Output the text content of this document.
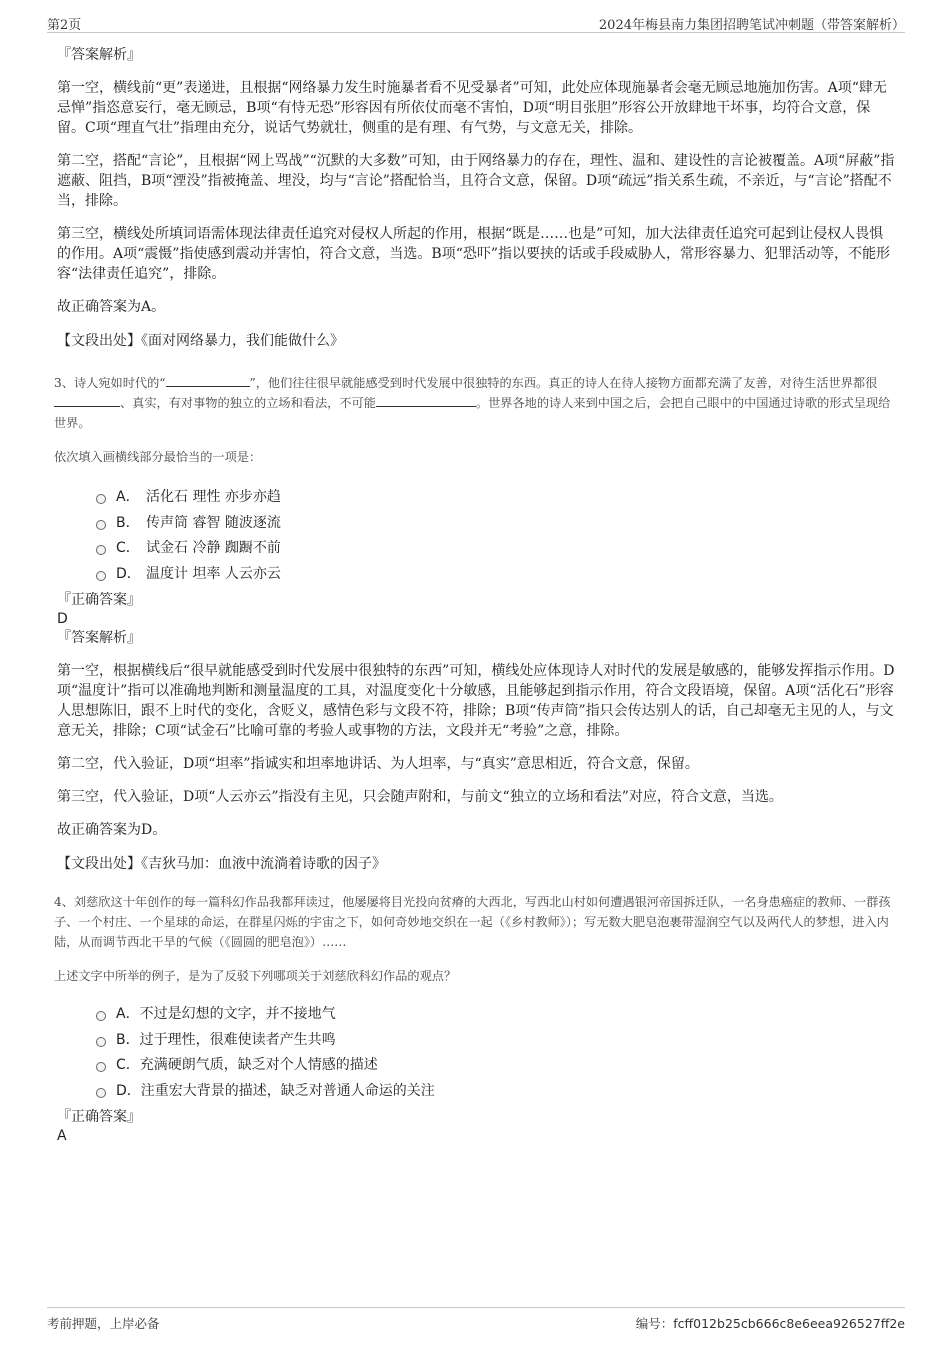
第2页	2024年梅县南力集团招聘笔试冲刺题（带答案解析）

『答案解析』

第一空，横线前“更”表递进，且根据“网络暴力发生时施暴者看不见受暴者”可知，此处应体现施暴者会毫无顾忌地施加伤害。A项“肆无忌惮”指恣意妄行，毫无顾忌，B项“有恃无恐”形容因有所依仗而毫不害怕，D项“明目张胆”形容公开放肆地干坏事，均符合文意，保留。C项“理直气壮”指理由充分，说话气势就壮，侧重的是有理、有气势，与文意无关，排除。

第二空，搭配“言论”，且根据“网上骂战”“沉默的大多数”可知，由于网络暴力的存在，理性、温和、建设性的言论被覆盖。A项“屏蔽”指遮蔽、阻挡，B项“湮没”指被掩盖、埋没，均与“言论”搭配恰当，且符合文意，保留。D项“疏远”指关系生疏，不亲近，与“言论”搭配不当，排除。

第三空，横线处所填词语需体现法律责任追究对侵权人所起的作用，根据“既是……也是”可知，加大法律责任追究可起到让侵权人畏惧的作用。A项“震慑”指使感到震动并害怕，符合文意，当选。B项“恐吓”指以要挟的话或手段威胁人，常形容暴力、犯罪活动等，不能形容“法律责任追究”，排除。

故正确答案为A。

【文段出处】《面对网络暴力，我们能做什么》

3、诗人宛如时代的“	”，他们往往很早就能感受到时代发展中很独特的东西。真正的诗人在待人接物方面都充满了友善，对待生活世界都很、真实，有对事物的独立的立场和看法，不可能	。世界各地的诗人来到中国之后，会把自己眼中的中国通过诗歌的形式呈现给世界。

依次填入画横线部分最恰当的一项是：

A． 活化石 理性 亦步亦趋
B． 传声筒 睿智 随波逐流
C． 试金石 冷静 踟蹰不前
D． 温度计 坦率 人云亦云

『正确答案』

D

『答案解析』

第一空，根据横线后“很早就能感受到时代发展中很独特的东西”可知，横线处应体现诗人对时代的发展是敏感的，能够发挥指示作用。D项“温度计”指可以准确地判断和测量温度的工具，对温度变化十分敏感，且能够起到指示作用，符合文段语境，保留。A项“活化石”形容人思想陈旧，跟不上时代的变化，含贬义，感情色彩与文段不符，排除；B项“传声筒”指只会传达别人的话，自己却毫无主见的人，与文意无关，排除；C项“试金石”比喻可靠的考验人或事物的方法，文段并无“考验”之意，排除。

第二空，代入验证，D项“坦率”指诚实和坦率地讲话、为人坦率，与“真实”意思相近，符合文意，保留。

第三空，代入验证，D项“人云亦云”指没有主见，只会随声附和，与前文“独立的立场和看法”对应，符合文意，当选。

故正确答案为D。

【文段出处】《吉狄马加：血液中流淌着诗歌的因子》

4、刘慈欣这十年创作的每一篇科幻作品我都拜读过，他屡屡将目光投向贫瘠的大西北，写西北山村如何遭遇银河帝国拆迁队，一名身患癌症的教师、一群孩子、一个村庄、一个星球的命运，在群星闪烁的宇宙之下，如何奇妙地交织在一起（《乡村教师》）；写无数大肥皂泡裹带湿润空气以及两代人的梦想，进入内陆，从而调节西北干旱的气候（《圆圆的肥皂泡》）……

上述文字中所举的例子，是为了反驳下列哪项关于刘慈欣科幻作品的观点？

A．不过是幻想的文字，并不接地气
B．过于理性，很难使读者产生共鸣
C．充满硬朗气质，缺乏对个人情感的描述
D．注重宏大背景的描述，缺乏对普通人命运的关注

『正确答案』

A

考前押题，上岸必备	编号：fcff012b25cb666c8e6eea926527ff2e
